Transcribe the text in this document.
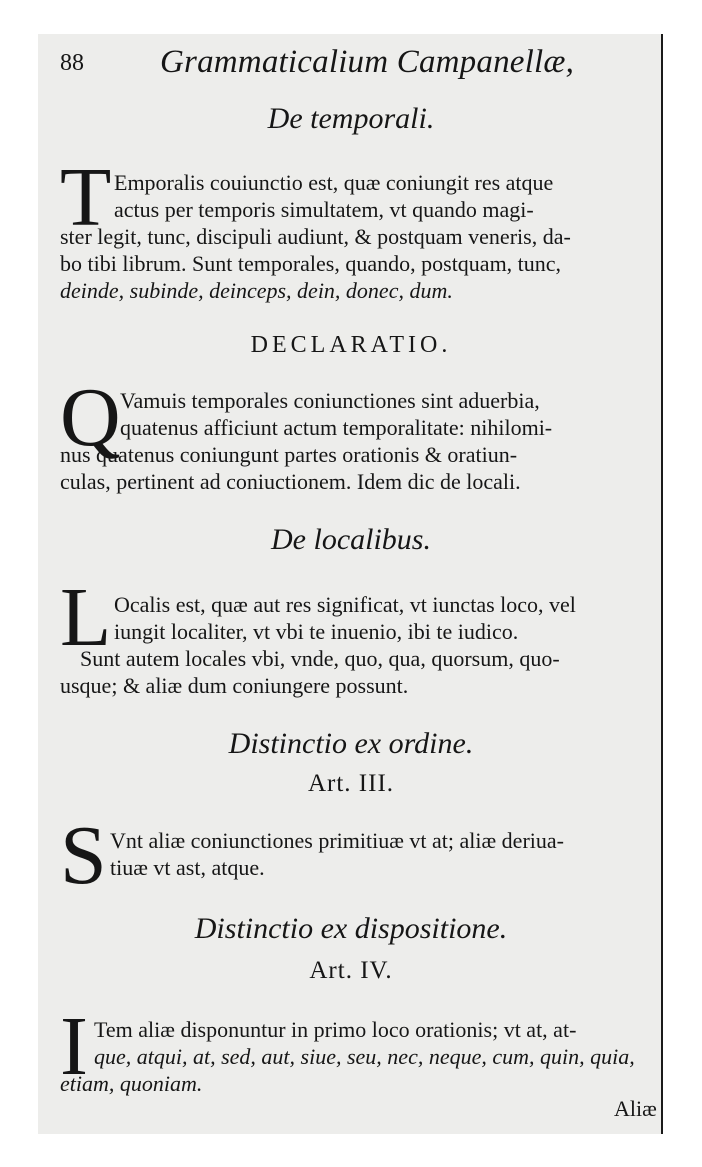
88 Grammaticalium Campanellæ,
De temporali.
T Emporalis couiunctio est, quæ coniungit res atque
actus per temporis simultatem, vt quando magi-
ster legit, tunc, discipuli audiunt, & postquam veneris, da-
bo tibi librum. Sunt temporales, quando, postquam, tunc,
deinde, subinde, deinceps, dein, donec, dum.
DECLARATIO.
Q Vamuis temporales coniunctiones sint aduerbia,
quatenus afficiunt actum temporalitate: nihilomi-
nus quatenus coniungunt partes orationis & oratiun-
culas, pertinent ad coniuctionem. Idem dic de locali.
De localibus.
L Ocalis est, quæ aut res significat, vt iunctas loco, vel
iungit localiter, vt vbi te inuenio, ibi te iudico.
Sunt autem locales vbi, vnde, quo, qua, quorsum, quo-
usque; & aliæ dum coniungere possunt.
Distinctio ex ordine.
Art. III.
S Vnt aliæ coniunctiones primitiuæ vt at; aliæ deriua-
tiuæ vt ast, atque.
Distinctio ex dispositione.
Art. IV.
I Tem aliæ disponuntur in primo loco orationis; vt at, at-
que, atqui, at, sed, aut, siue, seu, nec, neque, cum, quin, quia,
etiam, quoniam.
Aliæ
